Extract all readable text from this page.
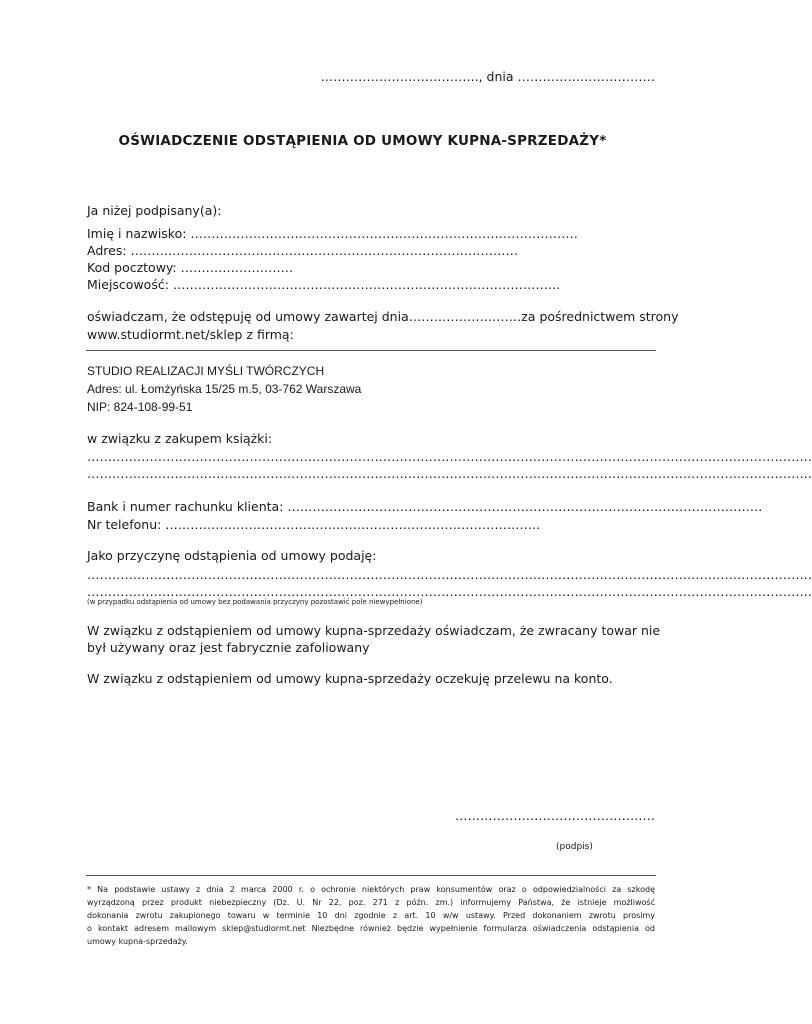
……………………………….., dnia ……………………………
OŚWIADCZENIE ODSTĄPIENIA OD UMOWY KUPNA-SPRZEDAŻY*
Ja niżej podpisany(a):
Imię i nazwisko: …………………………………………………………………………………
Adres: …………………………………………………………………………………
Kod pocztowy: ………………………
Miejscowość: …………………………………………………………………………………
oświadczam, że odstępuję od umowy zawartej dnia ……………………… za pośrednictwem strony
www.studiormt.net/sklep z firmą:
STUDIO REALIZACJI MYŚLI TWÓRCZYCH
Adres: ul. Łomżyńska 15/25 m.5, 03-762 Warszawa
NIP: 824-108-99-51
w związku z zakupem książki:
…………………………………………………………………………………………………………………………………………………………
…………………………………………………………………………………………………………………………………………………………
Bank i numer rachunku klienta: ……………………………………………………………………………………………………
Nr telefonu: ………………………………………………………………………………
Jako przyczynę odstąpienia od umowy podaję:
…………………………………………………………………………………………………………………………………………………………
…………………………………………………………………………………………………………………………………………………………
(w przypadku odstąpienia od umowy bez podawania przyczyny pozostawić pole niewypełnione)
W związku z odstąpieniem od umowy kupna-sprzedaży oświadczam, że zwracany towar nie
był używany oraz jest fabrycznie zafoliowany
W związku z odstąpieniem od umowy kupna-sprzedaży oczekuję przelewu na konto.
…………………………………………
(podpis)
* Na podstawie ustawy z dnia 2 marca 2000 r. o ochronie niektórych praw konsumentów oraz o odpowiedzialności za szkodę
wyrządzoną przez produkt niebezpieczny (Dz. U. Nr 22, poz. 271 z późn. zm.) informujemy Państwa, że istnieje możliwość
dokonania zwrotu zakupionego towaru w terminie 10 dni zgodnie z art. 10 w/w ustawy. Przed dokonaniem zwrotu prosimy
o kontakt adresem mailowym sklep@studiormt.net Niezbędne również będzie wypełnienie formularza oświadczenia odstąpienia od
umowy kupna-sprzedaży.
